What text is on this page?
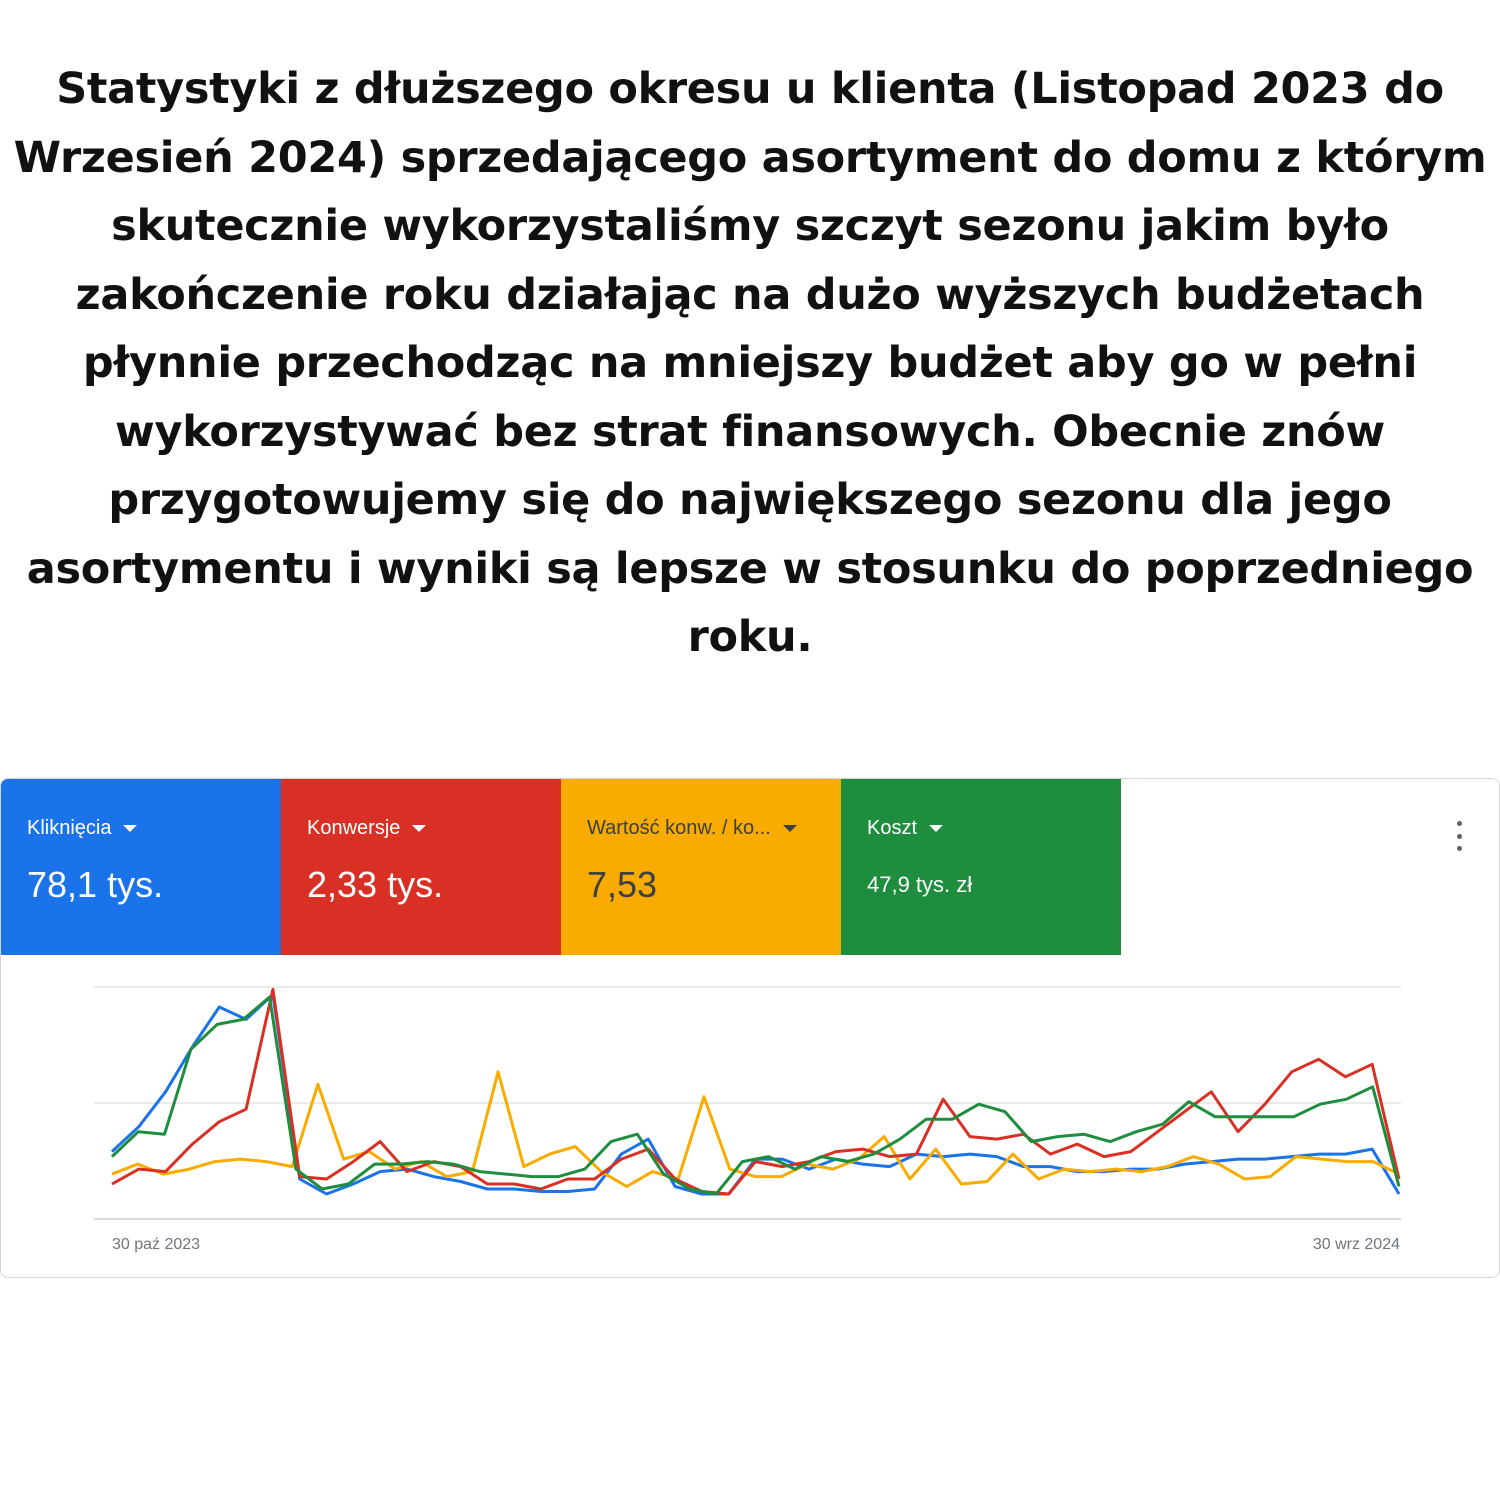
Statystyki z dłuższego okresu u klienta (Listopad 2023 do Wrzesień 2024) sprzedającego asortyment do domu z którym skutecznie wykorzystaliśmy szczyt sezonu jakim było zakończenie roku działając na dużo wyższych budżetach płynnie przechodząc na mniejszy budżet aby go w pełni wykorzystywać bez strat finansowych. Obecnie znów przygotowujemy się do największego sezonu dla jego asortymentu i wyniki są lepsze w stosunku do poprzedniego roku.

Kliknięcia
78,1 tys.
Konwersje
2,33 tys.
Wartość konw. / ko...
7,53
Koszt
47,9 tys. zł
30 paź 2023	30 wrz 2024
